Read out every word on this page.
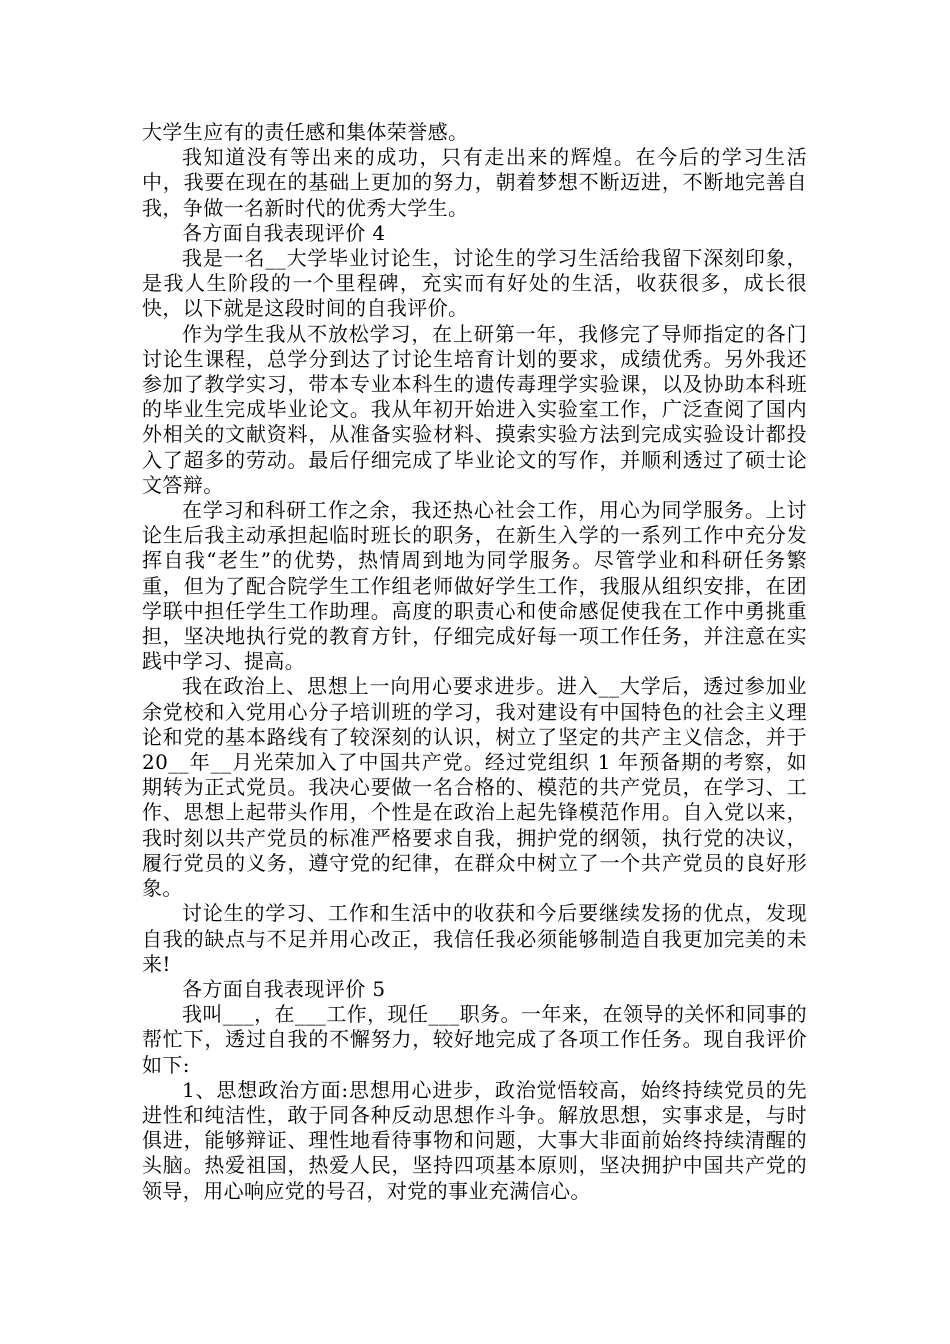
大学生应有的责任感和集体荣誉感。

我知道没有等出来的成功，只有走出来的辉煌。在今后的学习生活中，我要在现在的基础上更加的努力，朝着梦想不断迈进，不断地完善自我，争做一名新时代的优秀大学生。

各方面自我表现评价 4

我是一名__大学毕业讨论生，讨论生的学习生活给我留下深刻印象，是我人生阶段的一个里程碑，充实而有好处的生活，收获很多，成长很快，以下就是这段时间的自我评价。

作为学生我从不放松学习，在上研第一年，我修完了导师指定的各门讨论生课程，总学分到达了讨论生培育计划的要求，成绩优秀。另外我还参加了教学实习，带本专业本科生的遗传毒理学实验课，以及协助本科班的毕业生完成毕业论文。我从年初开始进入实验室工作，广泛查阅了国内外相关的文献资料，从准备实验材料、摸索实验方法到完成实验设计都投入了超多的劳动。最后仔细完成了毕业论文的写作，并顺利透过了硕士论文答辩。

在学习和科研工作之余，我还热心社会工作，用心为同学服务。上讨论生后我主动承担起临时班长的职务，在新生入学的一系列工作中充分发挥自我“老生”的优势，热情周到地为同学服务。尽管学业和科研任务繁重，但为了配合院学生工作组老师做好学生工作，我服从组织安排，在团学联中担任学生工作助理。高度的职责心和使命感促使我在工作中勇挑重担，坚决地执行党的教育方针，仔细完成好每一项工作任务，并注意在实践中学习、提高。

我在政治上、思想上一向用心要求进步。进入__大学后，透过参加业余党校和入党用心分子培训班的学习，我对建设有中国特色的社会主义理论和党的基本路线有了较深刻的认识，树立了坚定的共产主义信念，并于 20__年__月光荣加入了中国共产党。经过党组织 1 年预备期的考察，如期转为正式党员。我决心要做一名合格的、模范的共产党员，在学习、工作、思想上起带头作用，个性是在政治上起先锋模范作用。自入党以来，我时刻以共产党员的标准严格要求自我，拥护党的纲领，执行党的决议，履行党员的义务，遵守党的纪律，在群众中树立了一个共产党员的良好形象。

讨论生的学习、工作和生活中的收获和今后要继续发扬的优点，发现自我的缺点与不足并用心改正，我信任我必须能够制造自我更加完美的未来!

各方面自我表现评价 5

我叫___，在___工作，现任___职务。一年来，在领导的关怀和同事的帮忙下，透过自我的不懈努力，较好地完成了各项工作任务。现自我评价如下:

1、思想政治方面:思想用心进步，政治觉悟较高，始终持续党员的先进性和纯洁性，敢于同各种反动思想作斗争。解放思想，实事求是，与时俱进，能够辩证、理性地看待事物和问题，大事大非面前始终持续清醒的头脑。热爱祖国，热爱人民，坚持四项基本原则，坚决拥护中国共产党的领导，用心响应党的号召，对党的事业充满信心。
